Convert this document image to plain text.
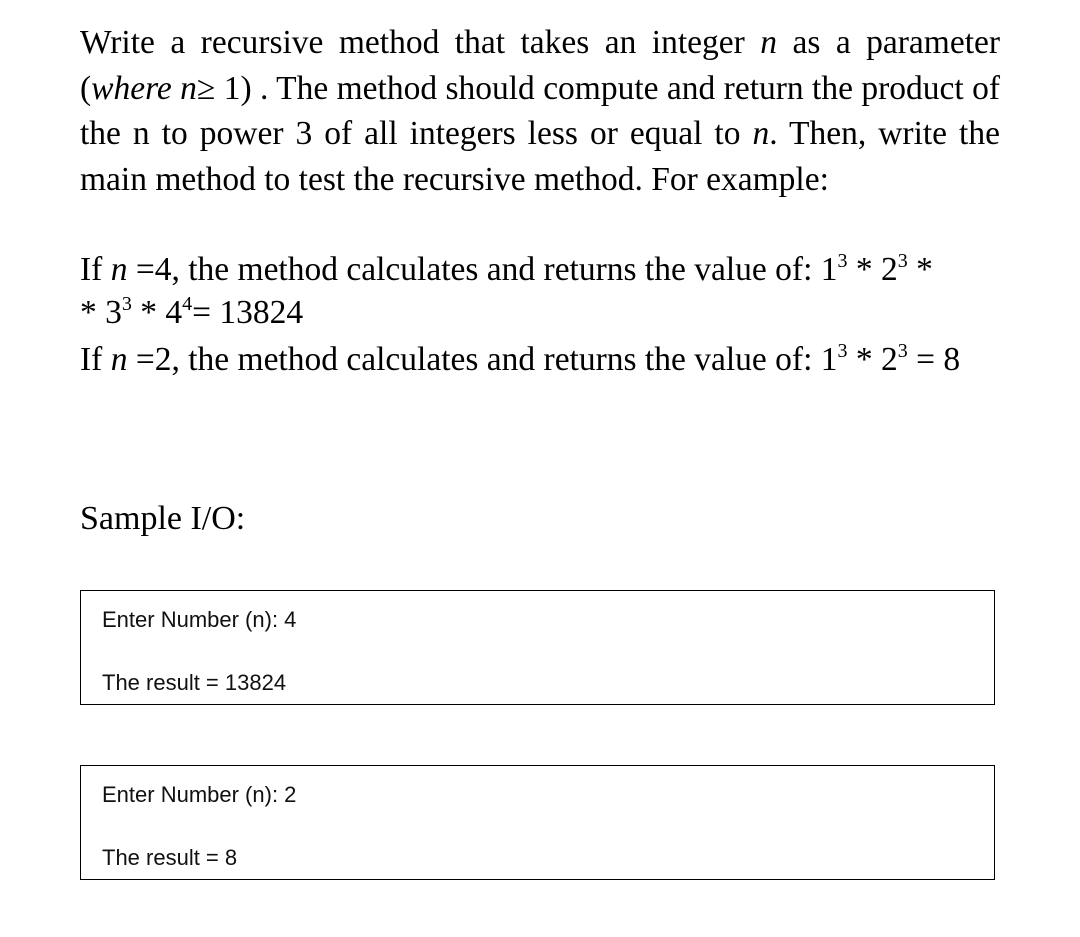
Write a recursive method that takes an integer n as a parameter (where n≥ 1) . The method should compute and return the product of the n to power 3 of all integers less or equal to n. Then, write the main method to test the recursive method. For example:

If n =4, the method calculates and returns the value of: $1^3 * 2^3$ *
* $3^3 * 4^4= 13824$

If n =2, the method calculates and returns the value of: $1^3 * 2^3 = 8$

Sample I/O:
Enter Number (n): 4
The result = 13824
Enter Number (n): 2
The result = 8
